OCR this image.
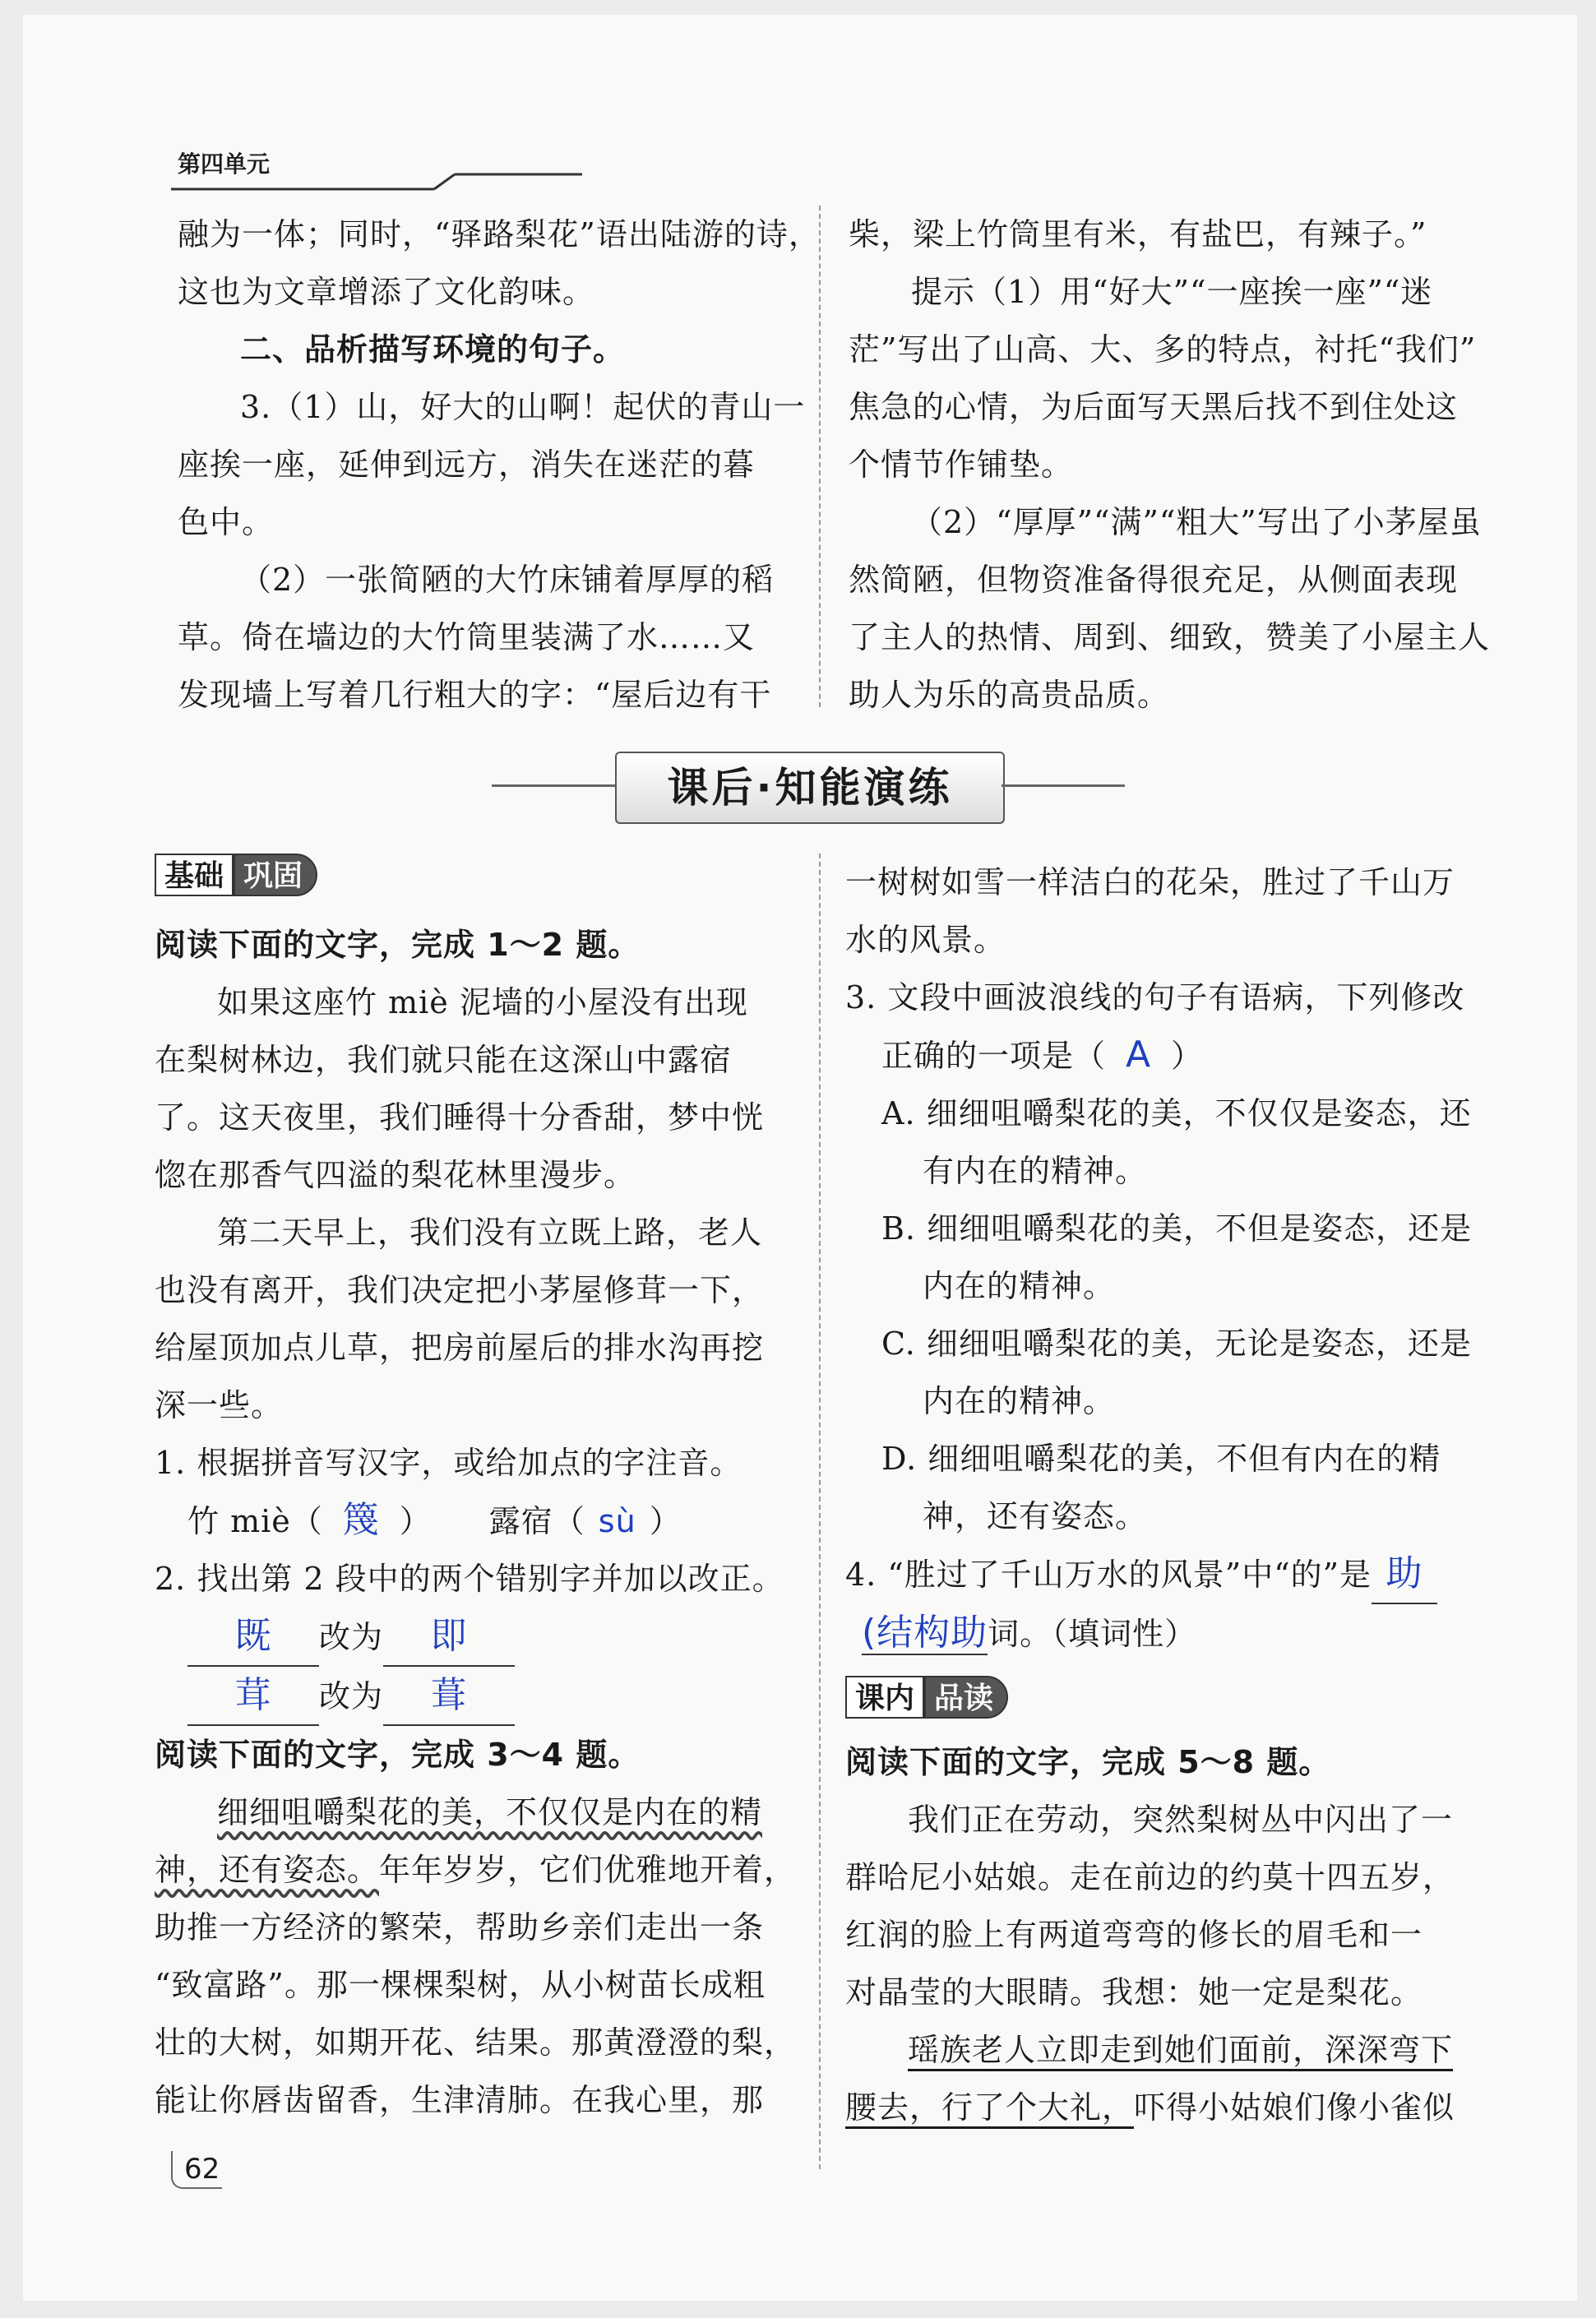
第四单元
融为一体；同时，“驿路梨花”语出陆游的诗，
这也为文章增添了文化韵味。
二、品析描写环境的句子。
3.（1）山，好大的山啊！起伏的青山一
座挨一座，延伸到远方，消失在迷茫的暮
色中。
（2）一张简陋的大竹床铺着厚厚的稻
草。倚在墙边的大竹筒里装满了水……又
发现墙上写着几行粗大的字：“屋后边有干
柴，梁上竹筒里有米，有盐巴，有辣子。”
提示（1）用“好大”“一座挨一座”“迷
茫”写出了山高、大、多的特点，衬托“我们”
焦急的心情，为后面写天黑后找不到住处这
个情节作铺垫。
（2）“厚厚”“满”“粗大”写出了小茅屋虽
然简陋，但物资准备得很充足，从侧面表现
了主人的热情、周到、细致，赞美了小屋主人
助人为乐的高贵品质。
课后·知能演练
基础 巩固
阅读下面的文字，完成 1～2 题。
如果这座竹 miè 泥墙的小屋没有出现
在梨树林边，我们就只能在这深山中露宿
了。这天夜里，我们睡得十分香甜，梦中恍
惚在那香气四溢的梨花林里漫步。
第二天早上，我们没有立既上路，老人
也没有离开，我们决定把小茅屋修茸一下，
给屋顶加点儿草，把房前屋后的排水沟再挖
深一些。
1. 根据拼音写汉字，或给加点的字注音。
竹 miè（ 篾 ） 露宿（ sù ）
2. 找出第 2 段中的两个错别字并加以改正。
既 改为 即
茸 改为 葺
阅读下面的文字，完成 3～4 题。
细细咀嚼梨花的美，不仅仅是内在的精
神，还有姿态。年年岁岁，它们优雅地开着，
助推一方经济的繁荣，帮助乡亲们走出一条
“致富路”。那一棵棵梨树，从小树苗长成粗
壮的大树，如期开花、结果。那黄澄澄的梨，
能让你唇齿留香，生津清肺。在我心里，那
一树树如雪一样洁白的花朵，胜过了千山万
水的风景。
3. 文段中画波浪线的句子有语病，下列修改
正确的一项是（ A ）
A. 细细咀嚼梨花的美，不仅仅是姿态，还
有内在的精神。
B. 细细咀嚼梨花的美，不但是姿态，还是
内在的精神。
C. 细细咀嚼梨花的美，无论是姿态，还是
内在的精神。
D. 细细咀嚼梨花的美，不但有内在的精
神，还有姿态。
4. “胜过了千山万水的风景”中“的”是 助
(结构助词。（填词性）
课内 品读
阅读下面的文字，完成 5～8 题。
我们正在劳动，突然梨树丛中闪出了一
群哈尼小姑娘。走在前边的约莫十四五岁，
红润的脸上有两道弯弯的修长的眉毛和一
对晶莹的大眼睛。我想：她一定是梨花。
瑶族老人立即走到她们面前，深深弯下
腰去，行了个大礼，吓得小姑娘们像小雀似
62
